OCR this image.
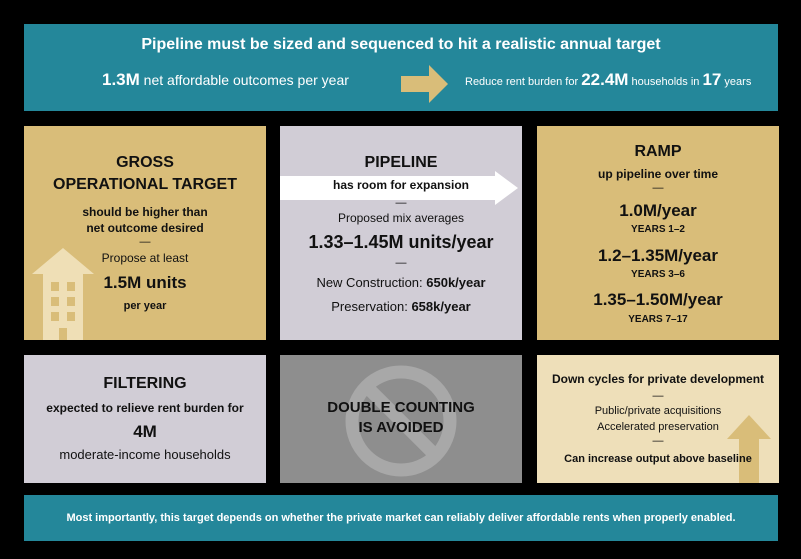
Pipeline must be sized and sequenced to hit a realistic annual target
1.3M net affordable outcomes per year	Reduce rent burden for 22.4M households in 17 years
GROSS
OPERATIONAL TARGET
should be higher than
net outcome desired
—
Propose at least
1.5M units
per year
PIPELINE
has room for expansion
—
Proposed mix averages
1.33–1.45M units/year
—
New Construction: 650k/year
Preservation: 658k/year
RAMP
up pipeline over time
—
1.0M/year
YEARS 1–2
1.2–1.35M/year
YEARS 3–6
1.35–1.50M/year
YEARS 7–17
FILTERING
expected to relieve rent burden for
4M
moderate-income households
DOUBLE COUNTING
IS AVOIDED
Down cycles for private development
—
Public/private acquisitions
Accelerated preservation
—
Can increase output above baseline
Most importantly, this target depends on whether the private market can reliably deliver affordable rents when properly enabled.
